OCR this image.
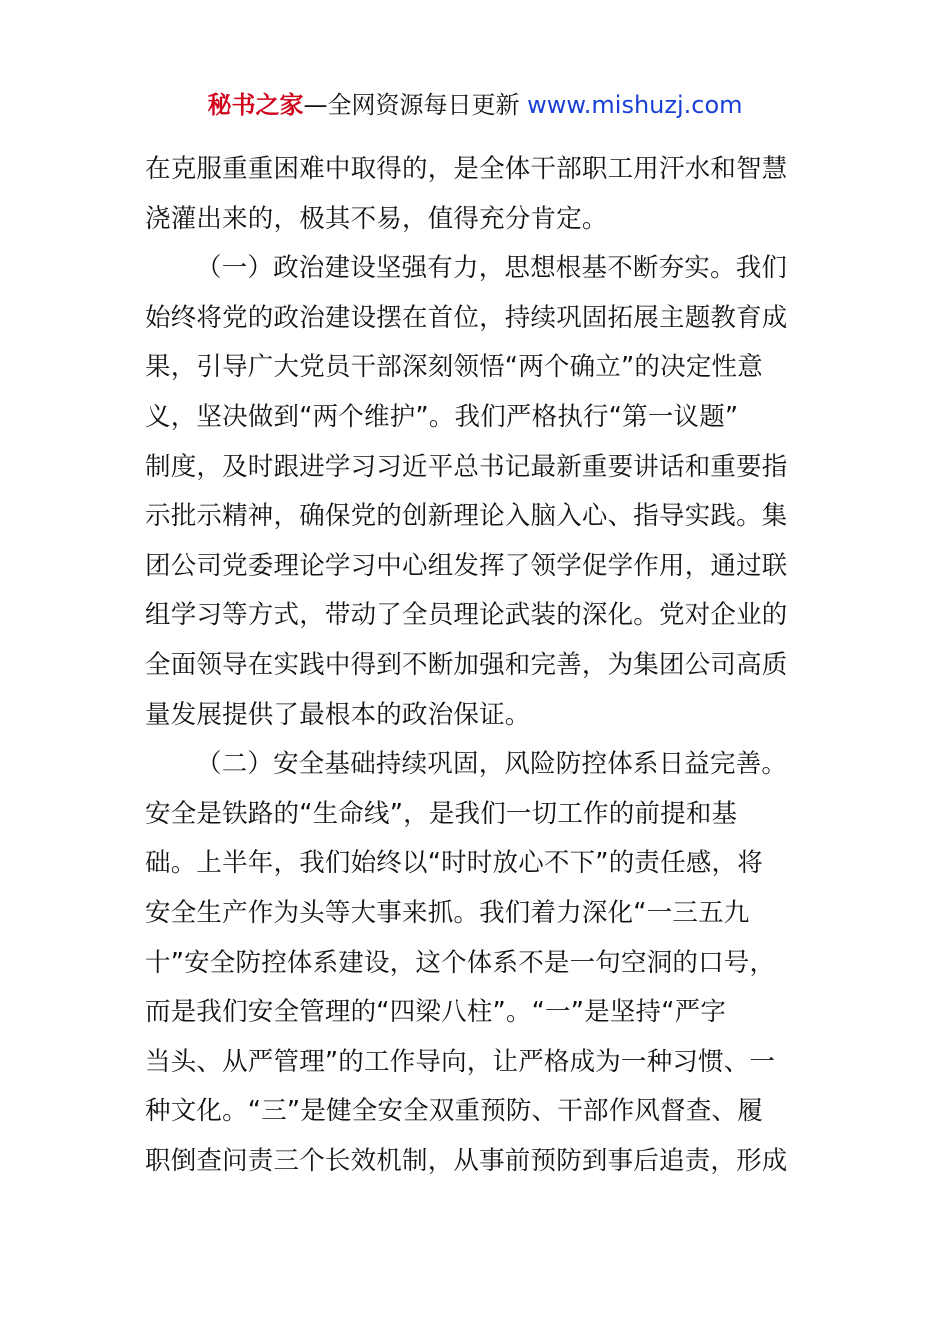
秘书之家—全网资源每日更新 www.mishuzj.com
在克服重重困难中取得的，是全体干部职工用汗水和智慧
浇灌出来的，极其不易，值得充分肯定。
（一）政治建设坚强有力，思想根基不断夯实。我们
始终将党的政治建设摆在首位，持续巩固拓展主题教育成
果，引导广大党员干部深刻领悟“两个确立”的决定性意
义，坚决做到“两个维护”。我们严格执行“第一议题”
制度，及时跟进学习习近平总书记最新重要讲话和重要指
示批示精神，确保党的创新理论入脑入心、指导实践。集
团公司党委理论学习中心组发挥了领学促学作用，通过联
组学习等方式，带动了全员理论武装的深化。党对企业的
全面领导在实践中得到不断加强和完善，为集团公司高质
量发展提供了最根本的政治保证。
（二）安全基础持续巩固，风险防控体系日益完善。
安全是铁路的“生命线”，是我们一切工作的前提和基
础。上半年，我们始终以“时时放心不下”的责任感，将
安全生产作为头等大事来抓。我们着力深化“一三五九
十”安全防控体系建设，这个体系不是一句空洞的口号，
而是我们安全管理的“四梁八柱”。“一”是坚持“严字
当头、从严管理”的工作导向，让严格成为一种习惯、一
种文化。“三”是健全安全双重预防、干部作风督查、履
职倒查问责三个长效机制，从事前预防到事后追责，形成
